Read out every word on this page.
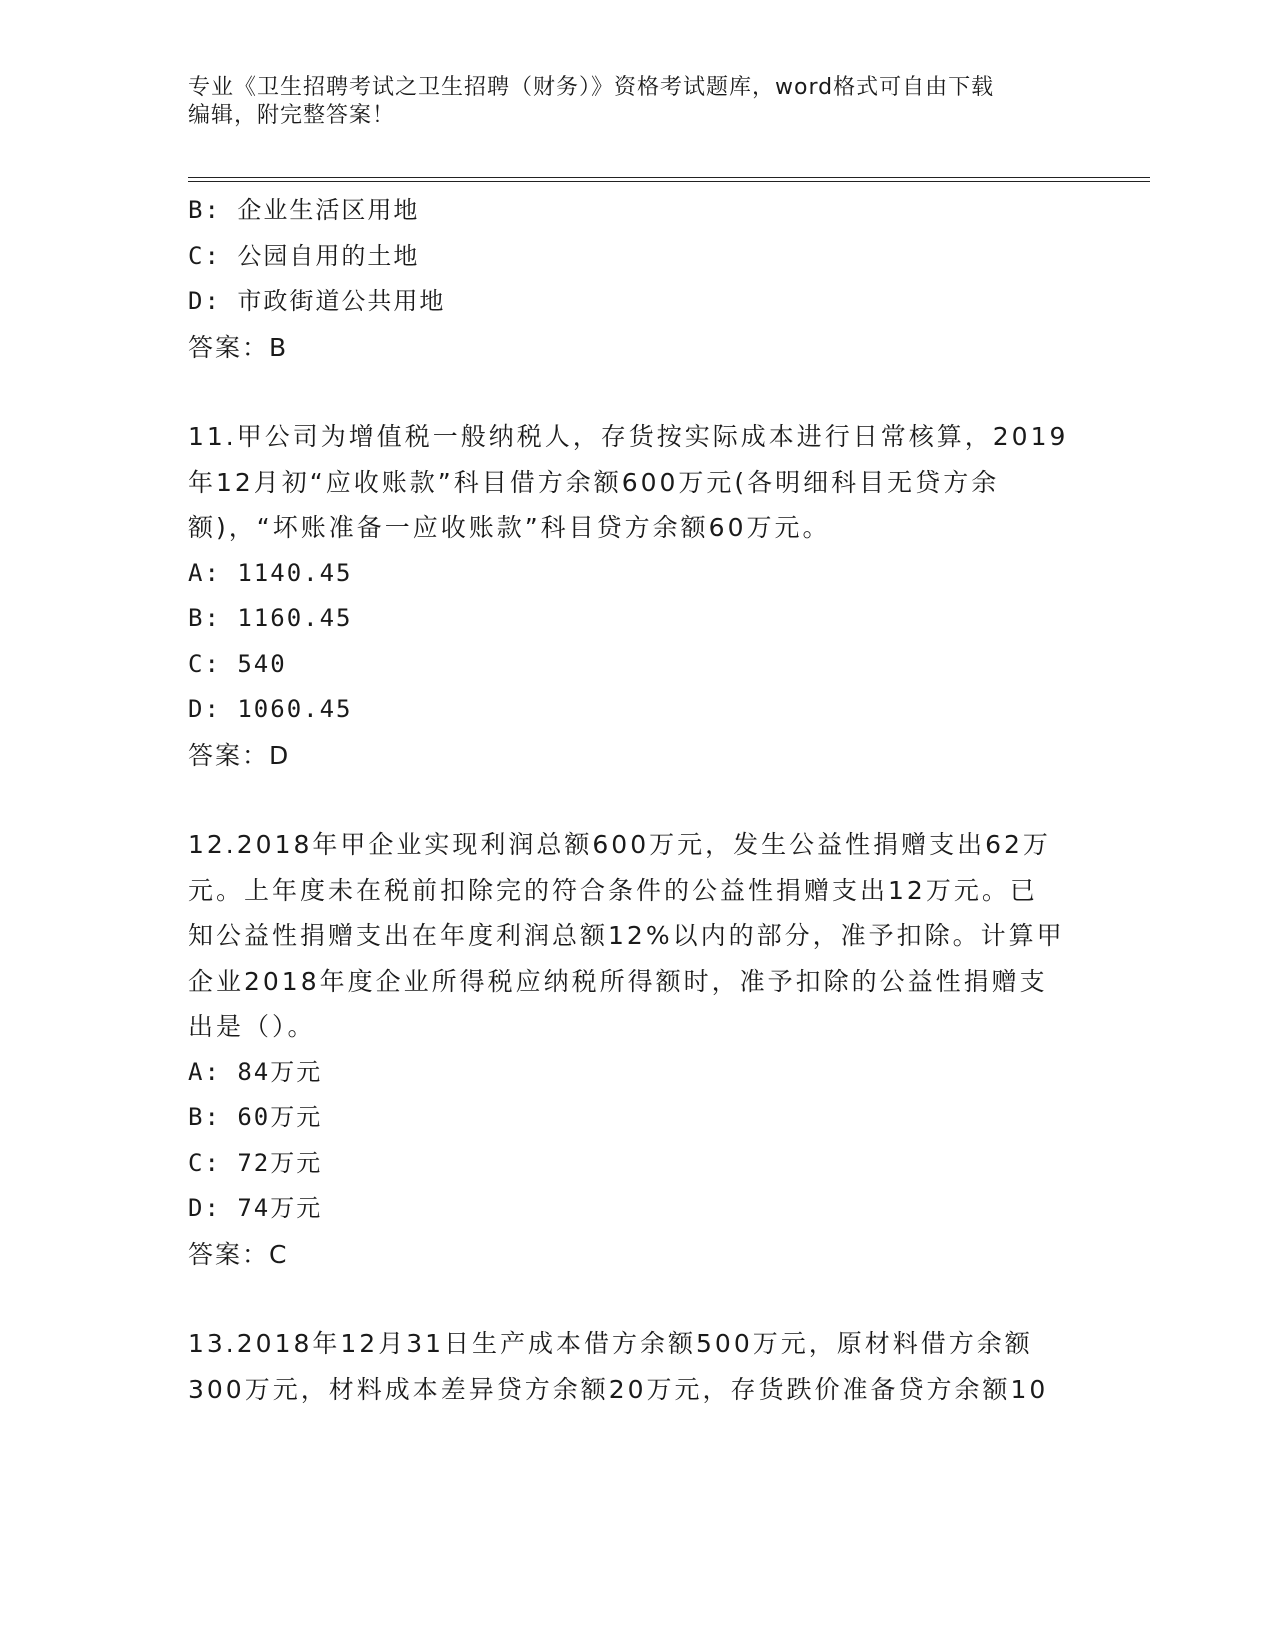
专业《卫生招聘考试之卫生招聘（财务）》资格考试题库，word格式可自由下载
编辑，附完整答案！
B: 企业生活区用地
C: 公园自用的土地
D: 市政街道公共用地
答案：B
11.甲公司为增值税一般纳税人，存货按实际成本进行日常核算，2019
年12月初“应收账款”科目借方余额600万元(各明细科目无贷方余
额)，“坏账准备一应收账款”科目贷方余额60万元。
A: 1140.45
B: 1160.45
C: 540
D: 1060.45
答案：D
12.2018年甲企业实现利润总额600万元，发生公益性捐赠支出62万
元。上年度未在税前扣除完的符合条件的公益性捐赠支出12万元。已
知公益性捐赠支出在年度利润总额12%以内的部分，准予扣除。计算甲
企业2018年度企业所得税应纳税所得额时，准予扣除的公益性捐赠支
出是（）。
A: 84万元
B: 60万元
C: 72万元
D: 74万元
答案：C
13.2018年12月31日生产成本借方余额500万元，原材料借方余额
300万元，材料成本差异贷方余额20万元，存货跌价准备贷方余额10
